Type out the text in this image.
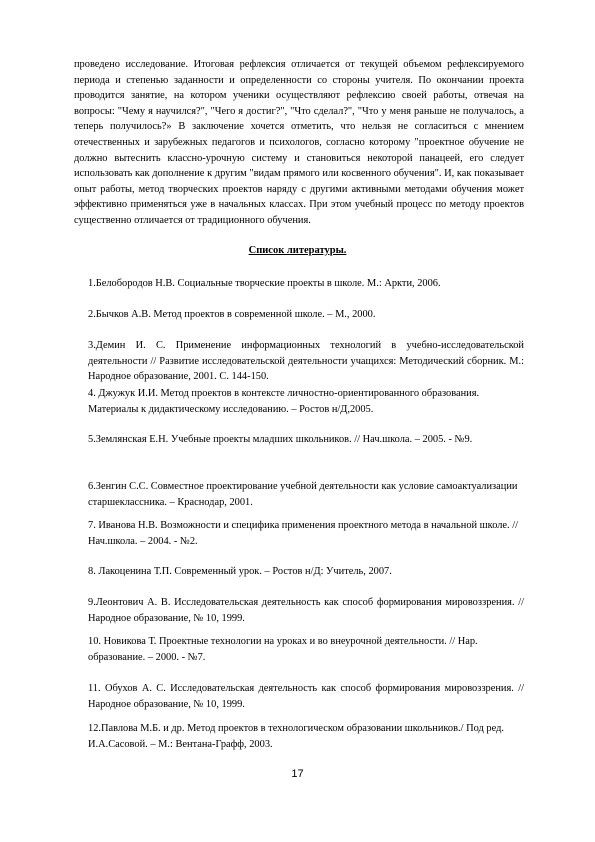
проведено исследование. Итоговая рефлексия отличается от текущей объемом рефлексируемого периода и степенью заданности и определенности со стороны учителя. По окончании проекта проводится занятие, на котором ученики осуществляют рефлексию своей работы, отвечая на вопросы: "Чему я научился?", "Чего я достиг?", "Что сделал?", "Что у меня раньше не получалось, а теперь получилось?» В заключение хочется отметить, что нельзя не согласиться с мнением отечественных и зарубежных педагогов и психологов, согласно которому "проектное обучение не должно вытеснить классно-урочную систему и становиться некоторой панацеей, его следует использовать как дополнение к другим "видам прямого или косвенного обучения". И, как показывает опыт работы, метод творческих проектов наряду с другими активными методами обучения может эффективно применяться уже в начальных классах. При этом учебный процесс по методу проектов существенно отличается от традиционного обучения.

Список литературы.

1.Белобородов Н.В. Социальные творческие проекты в школе. М.: Аркти, 2006.

2.Бычков А.В. Метод проектов в современной школе. – М., 2000.

3.Демин И. С. Применение информационных технологий в учебно-исследовательской деятельности // Развитие исследовательской деятельности учащихся: Методический сборник. М.: Народное образование, 2001. С. 144-150.

4. Джужук И.И. Метод проектов в контексте личностно-ориентированного образования. Материалы к дидактическому исследованию. – Ростов н/Д,2005.

5.Землянская Е.Н. Учебные проекты младших школьников. // Нач.школа. – 2005. - №9.

6.Зенгин С.С. Совместное проектирование учебной деятельности как условие самоактуализации старшеклассника. – Краснодар, 2001.

7. Иванова Н.В. Возможности и специфика применения проектного метода в начальной школе. // Нач.школа. – 2004. - №2.

8. Лакоценина Т.П. Современный урок. – Ростов н/Д: Учитель, 2007.

9.Леонтович А. В. Исследовательская деятельность как способ формирования мировоззрения. // Народное образование, № 10, 1999.

10. Новикова Т. Проектные технологии на уроках и во внеурочной деятельности. // Нар. образование. – 2000. - №7.

11. Обухов А. С. Исследовательская деятельность как способ формирования мировоззрения. // Народное образование, № 10, 1999.

12.Павлова М.Б. и др. Метод проектов в технологическом образовании школьников./ Под ред. И.А.Сасовой. – М.: Вентана-Графф, 2003.

17
